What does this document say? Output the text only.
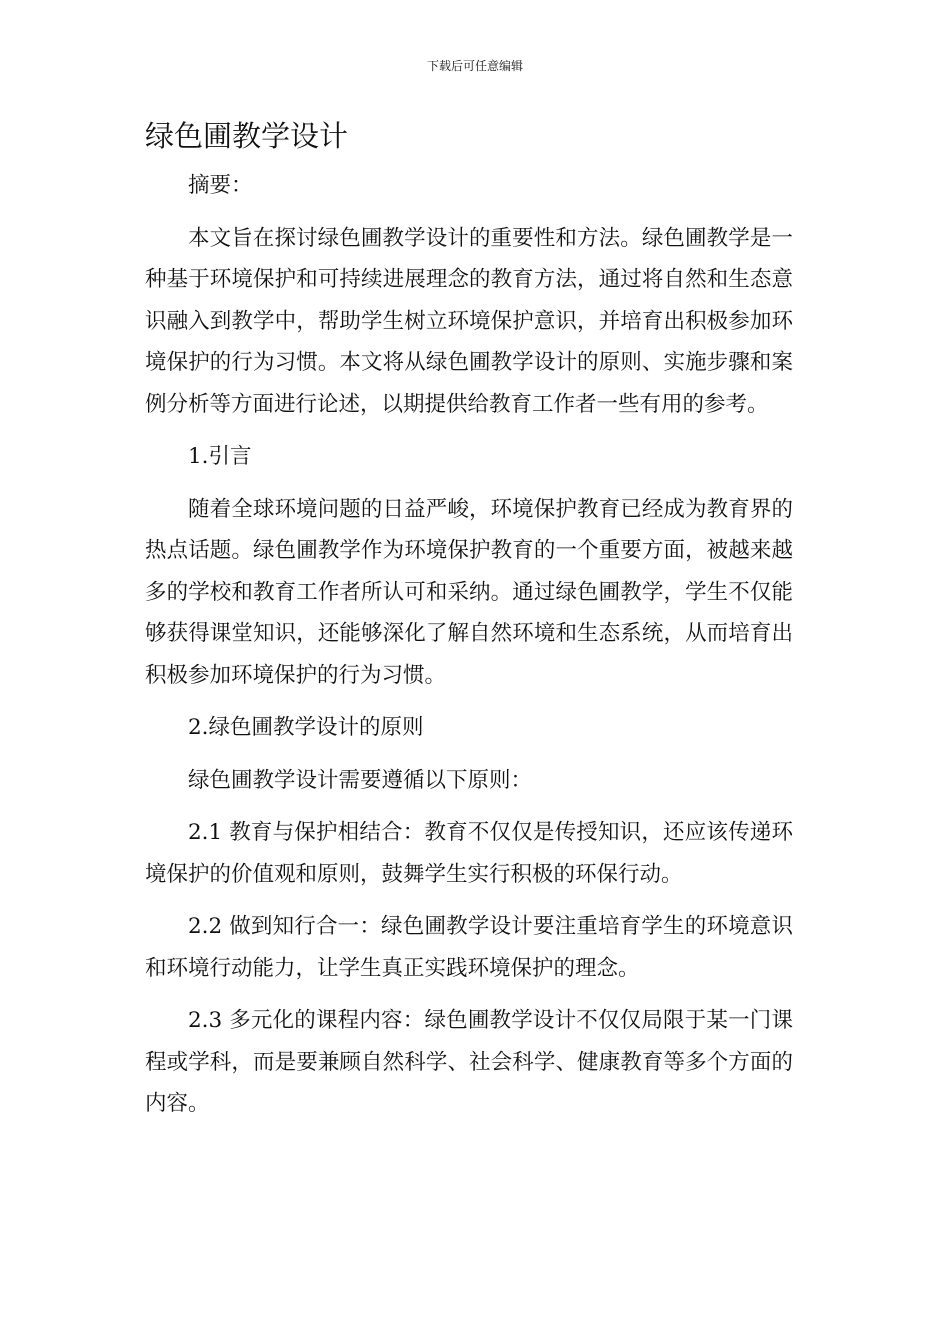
下载后可任意编辑
绿色圃教学设计

摘要：

本文旨在探讨绿色圃教学设计的重要性和方法。绿色圃教学是一种基于环境保护和可持续进展理念的教育方法，通过将自然和生态意识融入到教学中，帮助学生树立环境保护意识，并培育出积极参加环境保护的行为习惯。本文将从绿色圃教学设计的原则、实施步骤和案例分析等方面进行论述，以期提供给教育工作者一些有用的参考。

1.引言

随着全球环境问题的日益严峻，环境保护教育已经成为教育界的热点话题。绿色圃教学作为环境保护教育的一个重要方面，被越来越多的学校和教育工作者所认可和采纳。通过绿色圃教学，学生不仅能够获得课堂知识，还能够深化了解自然环境和生态系统，从而培育出积极参加环境保护的行为习惯。

2.绿色圃教学设计的原则

绿色圃教学设计需要遵循以下原则：

2.1 教育与保护相结合：教育不仅仅是传授知识，还应该传递环境保护的价值观和原则，鼓舞学生实行积极的环保行动。

2.2 做到知行合一：绿色圃教学设计要注重培育学生的环境意识和环境行动能力，让学生真正实践环境保护的理念。

2.3 多元化的课程内容：绿色圃教学设计不仅仅局限于某一门课程或学科，而是要兼顾自然科学、社会科学、健康教育等多个方面的内容。
